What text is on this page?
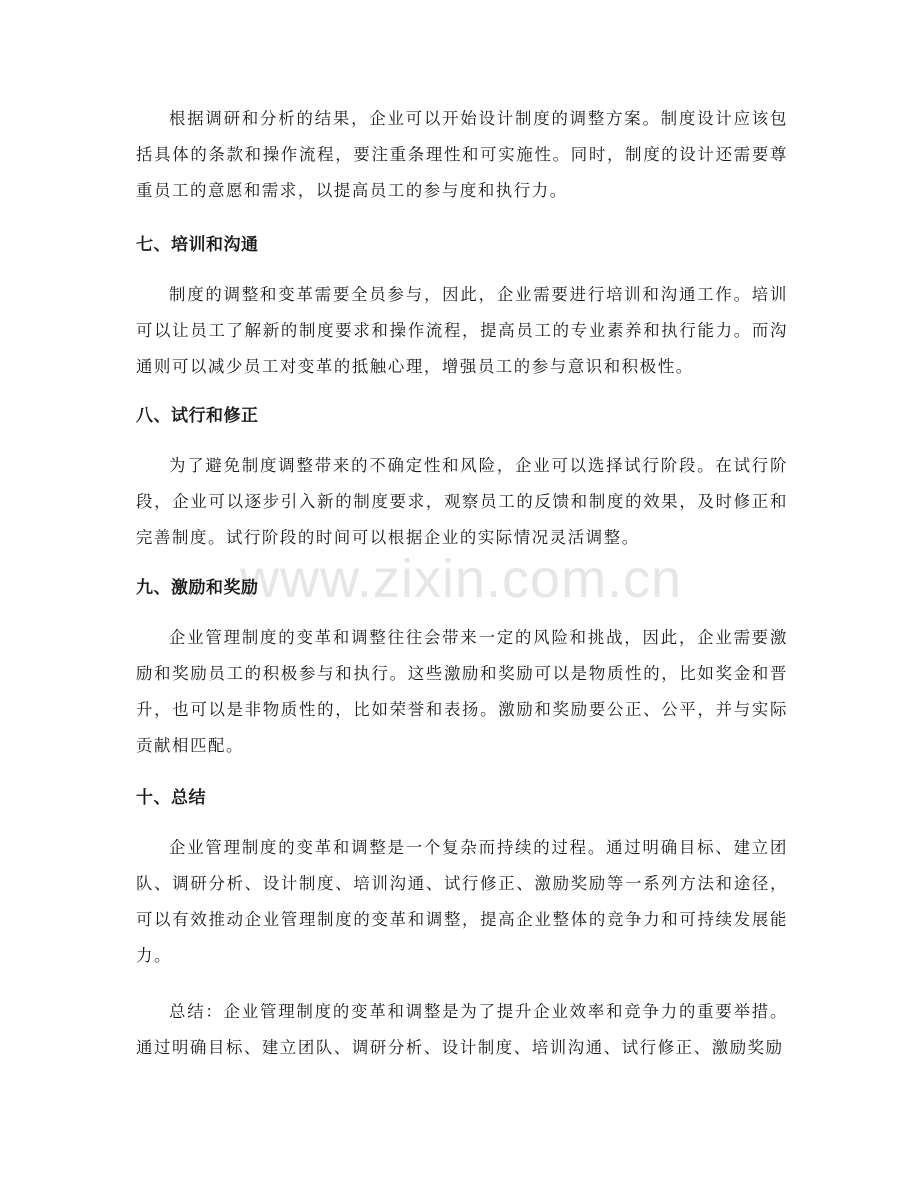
www.zixin.com.cn

根据调研和分析的结果，企业可以开始设计制度的调整方案。制度设计应该包括具体的条款和操作流程，要注重条理性和可实施性。同时，制度的设计还需要尊重员工的意愿和需求，以提高员工的参与度和执行力。

七、培训和沟通

制度的调整和变革需要全员参与，因此，企业需要进行培训和沟通工作。培训可以让员工了解新的制度要求和操作流程，提高员工的专业素养和执行能力。而沟通则可以减少员工对变革的抵触心理，增强员工的参与意识和积极性。

八、试行和修正

为了避免制度调整带来的不确定性和风险，企业可以选择试行阶段。在试行阶段，企业可以逐步引入新的制度要求，观察员工的反馈和制度的效果，及时修正和完善制度。试行阶段的时间可以根据企业的实际情况灵活调整。

九、激励和奖励

企业管理制度的变革和调整往往会带来一定的风险和挑战，因此，企业需要激励和奖励员工的积极参与和执行。这些激励和奖励可以是物质性的，比如奖金和晋升，也可以是非物质性的，比如荣誉和表扬。激励和奖励要公正、公平，并与实际贡献相匹配。

十、总结

企业管理制度的变革和调整是一个复杂而持续的过程。通过明确目标、建立团队、调研分析、设计制度、培训沟通、试行修正、激励奖励等一系列方法和途径，可以有效推动企业管理制度的变革和调整，提高企业整体的竞争力和可持续发展能力。

总结：企业管理制度的变革和调整是为了提升企业效率和竞争力的重要举措。通过明确目标、建立团队、调研分析、设计制度、培训沟通、试行修正、激励奖励
